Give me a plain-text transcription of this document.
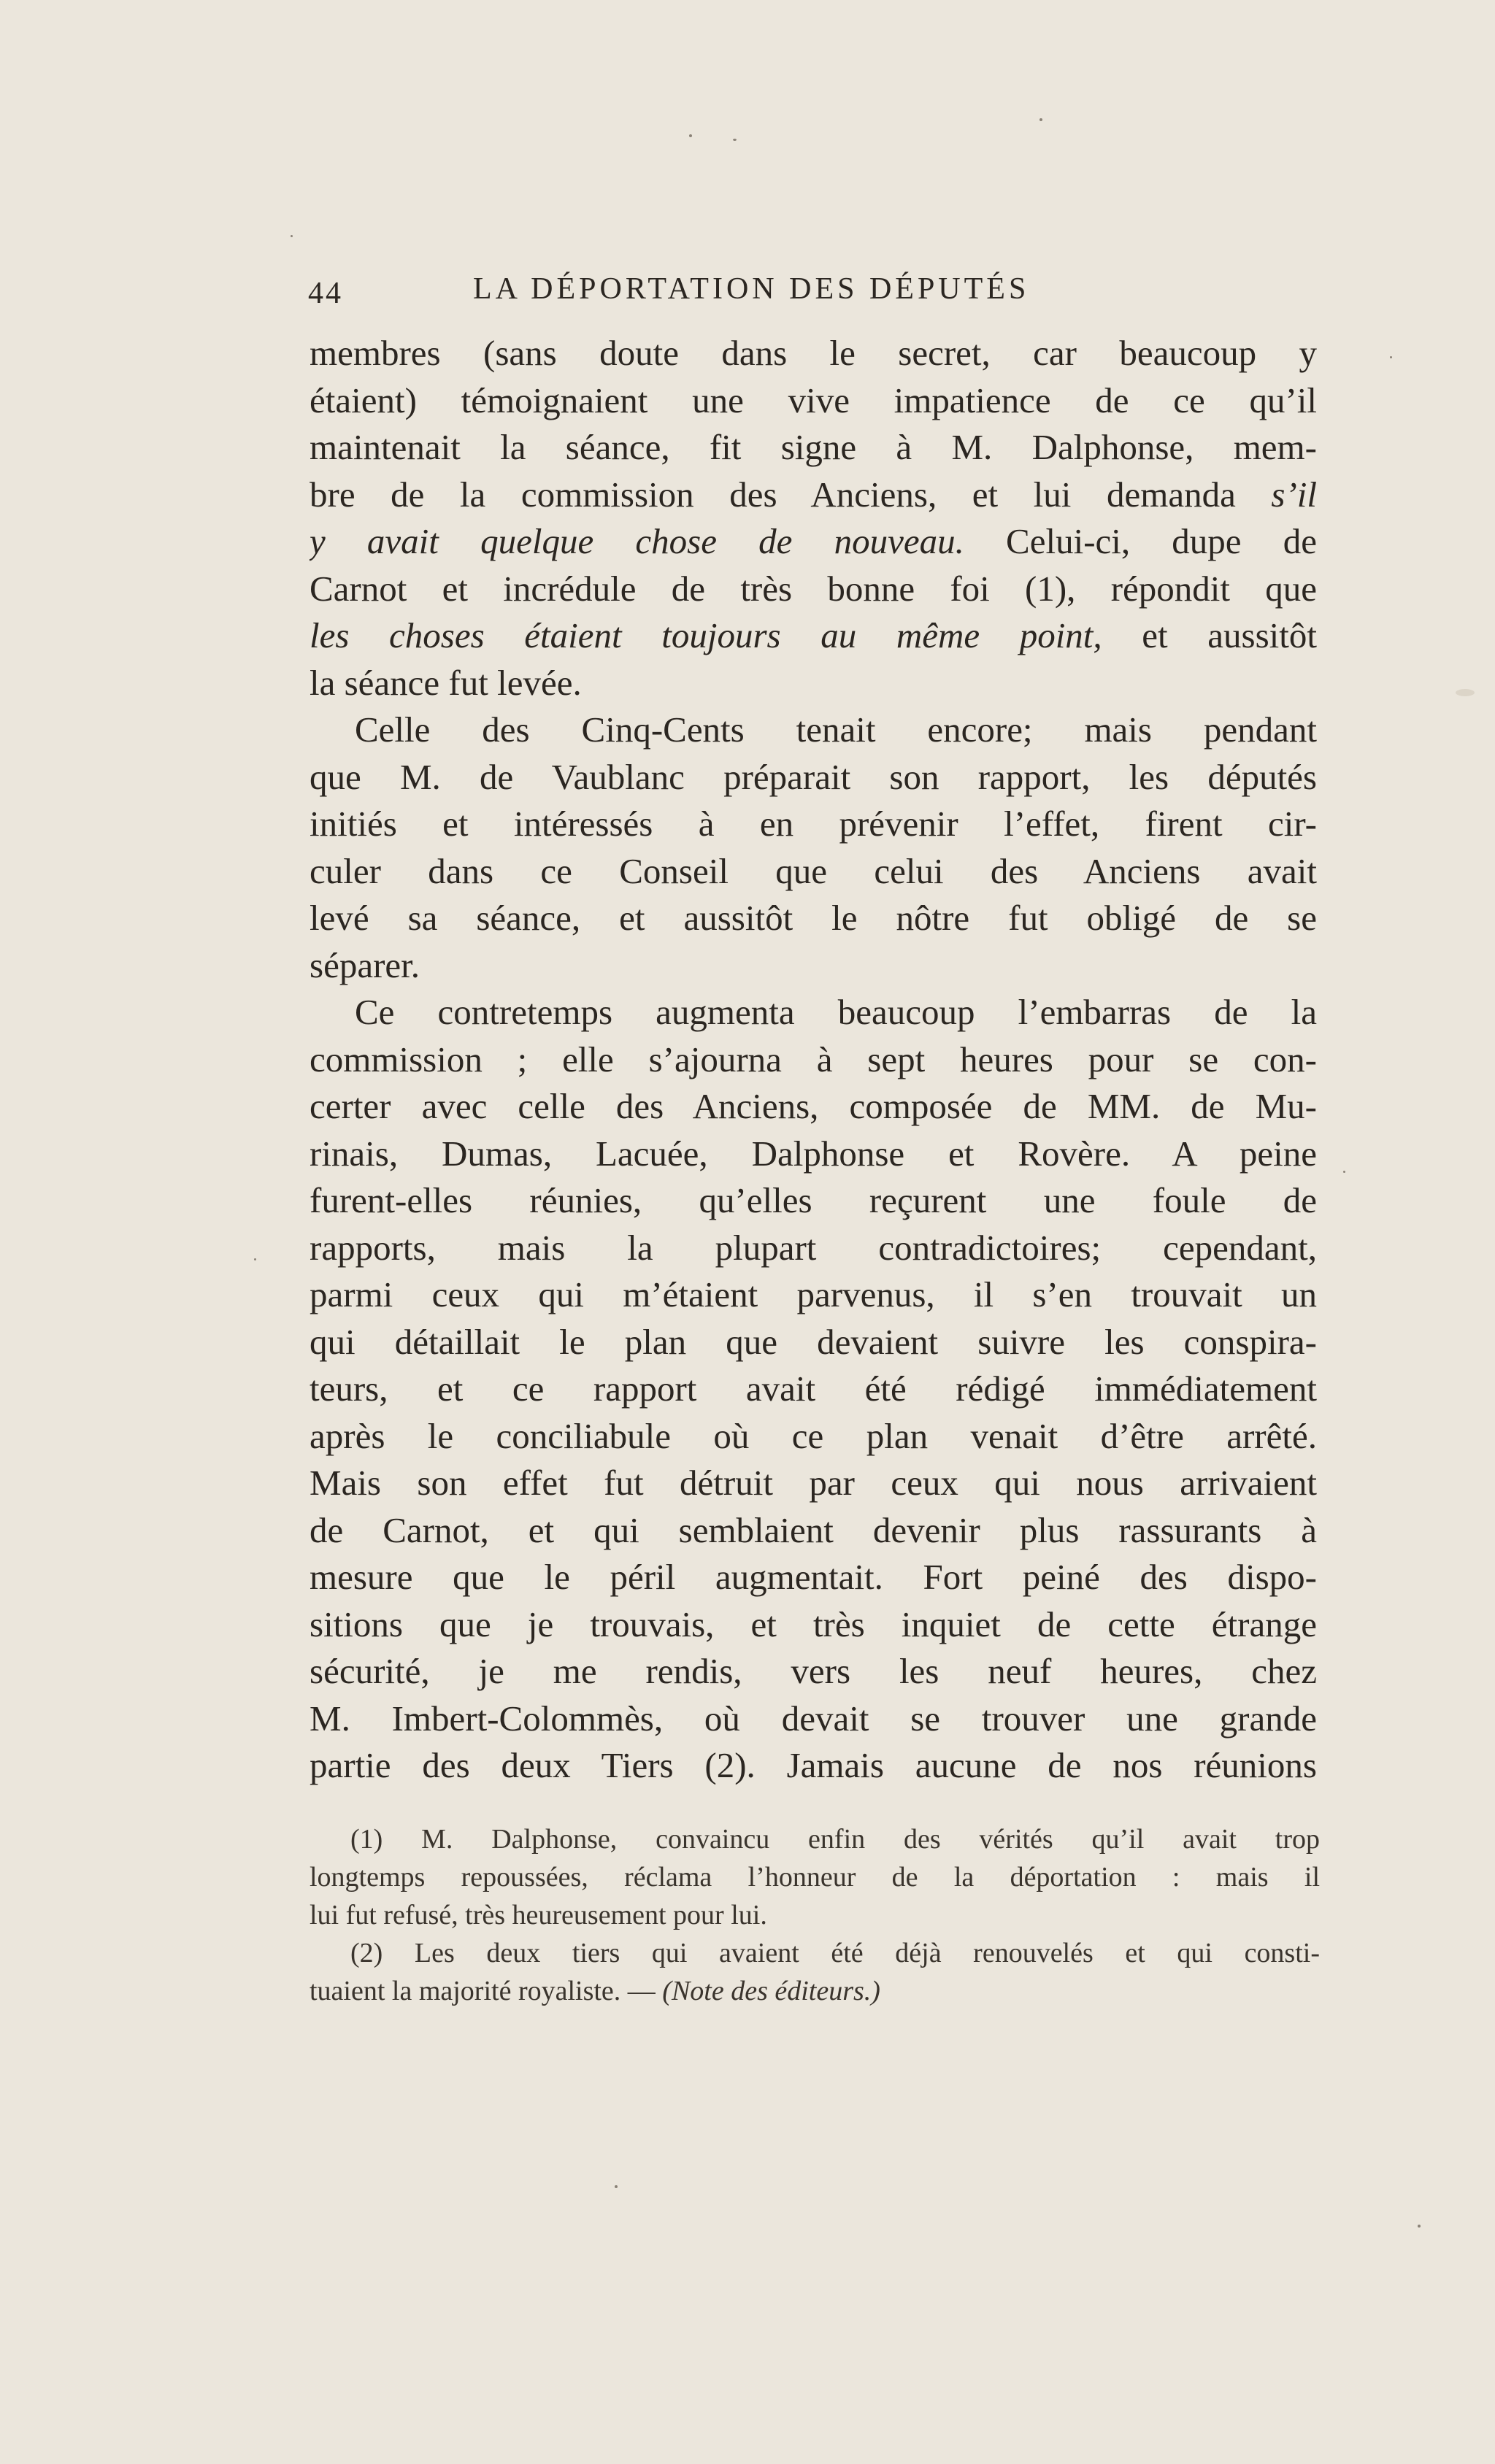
44	LA DÉPORTATION DES DÉPUTÉS
membres (sans doute dans le secret, car beaucoup y
étaient) témoignaient une vive impatience de ce qu’il
maintenait la séance, fit signe à M. Dalphonse, mem-
bre de la commission des Anciens, et lui demanda s’il
y avait quelque chose de nouveau. Celui-ci, dupe de
Carnot et incrédule de très bonne foi (1), répondit que
les choses étaient toujours au même point, et aussitôt
la séance fut levée.
Celle des Cinq-Cents tenait encore; mais pendant
que M. de Vaublanc préparait son rapport, les députés
initiés et intéressés à en prévenir l’effet, firent cir-
culer dans ce Conseil que celui des Anciens avait
levé sa séance, et aussitôt le nôtre fut obligé de se
séparer.
Ce contretemps augmenta beaucoup l’embarras de la
commission ; elle s’ajourna à sept heures pour se con-
certer avec celle des Anciens, composée de MM. de Mu-
rinais, Dumas, Lacuée, Dalphonse et Rovère. A peine
furent-elles réunies, qu’elles reçurent une foule de
rapports, mais la plupart contradictoires; cependant,
parmi ceux qui m’étaient parvenus, il s’en trouvait un
qui détaillait le plan que devaient suivre les conspira-
teurs, et ce rapport avait été rédigé immédiatement
après le conciliabule où ce plan venait d’être arrêté.
Mais son effet fut détruit par ceux qui nous arrivaient
de Carnot, et qui semblaient devenir plus rassurants à
mesure que le péril augmentait. Fort peiné des dispo-
sitions que je trouvais, et très inquiet de cette étrange
sécurité, je me rendis, vers les neuf heures, chez
M. Imbert-Colommès, où devait se trouver une grande
partie des deux Tiers (2). Jamais aucune de nos réunions
(1) M. Dalphonse, convaincu enfin des vérités qu’il avait trop
longtemps repoussées, réclama l’honneur de la déportation : mais il
lui fut refusé, très heureusement pour lui.
(2) Les deux tiers qui avaient été déjà renouvelés et qui consti-
tuaient la majorité royaliste. — (Note des éditeurs.)
